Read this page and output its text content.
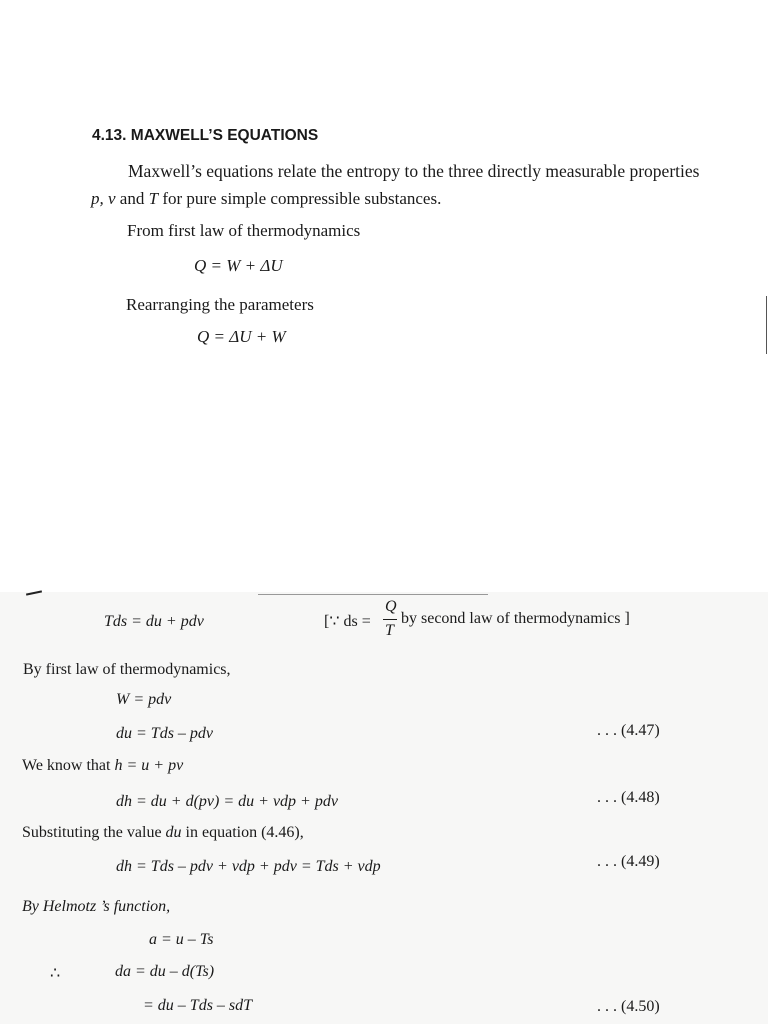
4.13. MAXWELL’S EQUATIONS
Maxwell’s equations relate the entropy to the three directly measurable properties
p, v and T for pure simple compressible substances.
From first law of thermodynamics
Q = W + ΔU
Rearranging the parameters
Q = ΔU + W
Tds = du + pdv	[∵ ds =
Q
T
by second law of thermodynamics ]
By first law of thermodynamics,
W = pdv
du = Tds – pdv	. . . (4.47)
We know that h = u + pv
dh = du + d(pv) = du + vdp + pdv	. . . (4.48)
Substituting the value du in equation (4.46),
dh = Tds – pdv + vdp + pdv = Tds + vdp	. . . (4.49)
By Helmotz ’s function,
a = u – Ts
∴	da = du – d(Ts)
= du – Tds – sdT	. . . (4.50)
